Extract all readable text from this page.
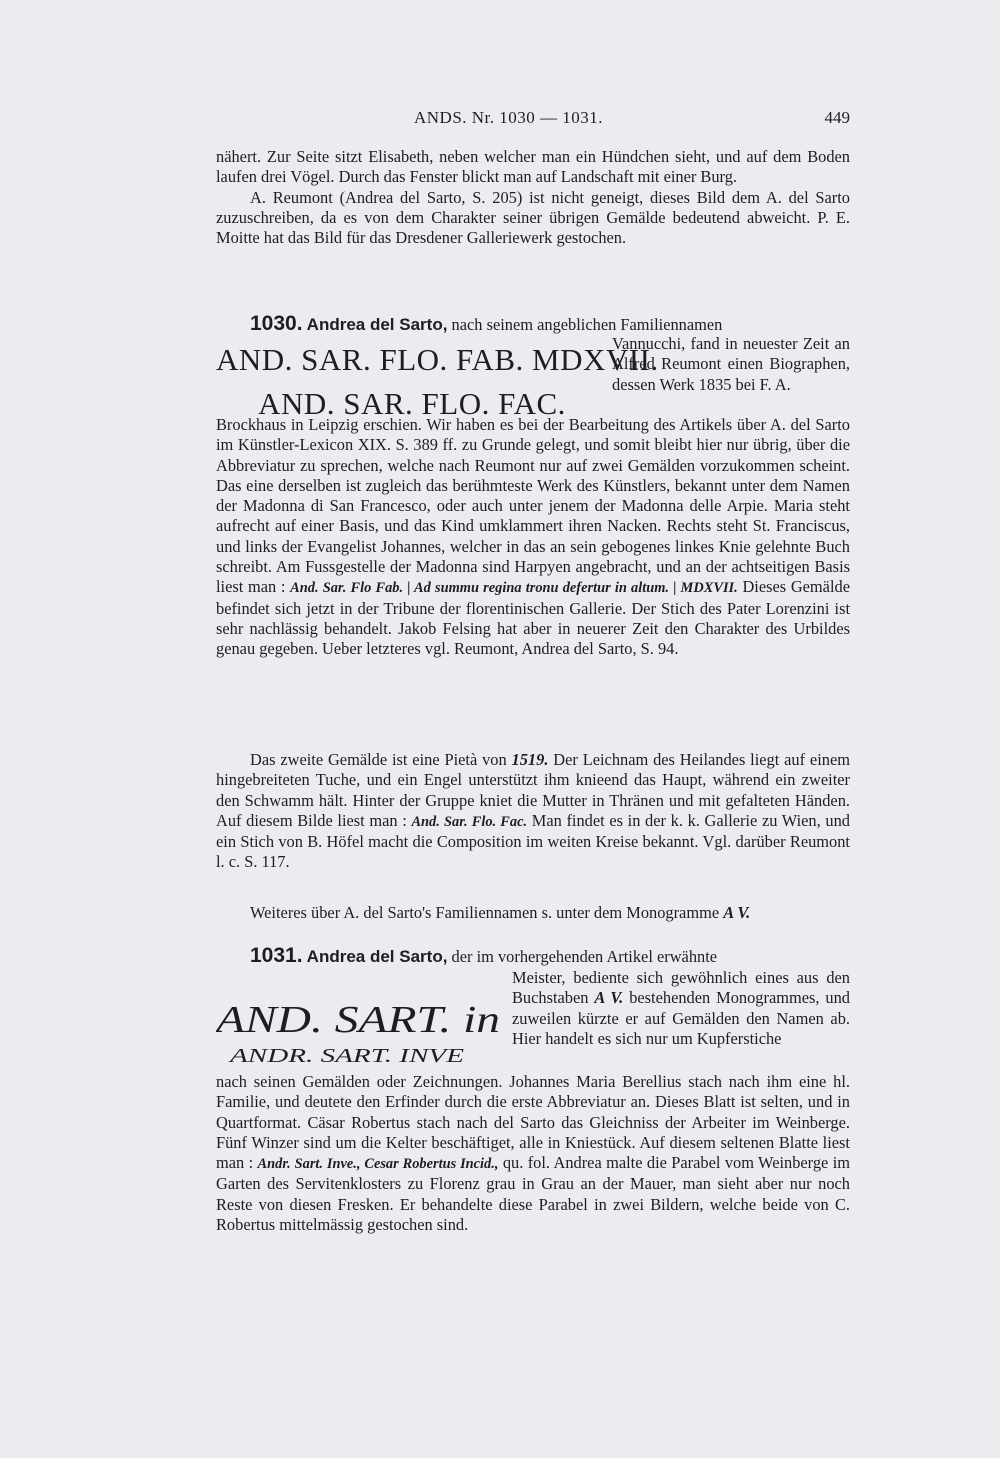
ANDS. Nr. 1030 — 1031.	449

nähert. Zur Seite sitzt Elisabeth, neben welcher man ein Hündchen sieht, und auf dem Boden laufen drei Vögel. Durch das Fenster blickt man auf Landschaft mit einer Burg.

A. Reumont (Andrea del Sarto, S. 205) ist nicht geneigt, dieses Bild dem A. del Sarto zuzuschreiben, da es von dem Charakter seiner übrigen Gemälde bedeutend abweicht. P. E. Moitte hat das Bild für das Dresdener Galleriewerk gestochen.

1030. Andrea del Sarto, nach seinem angeblichen Familiennamen
AND. SAR. FLO. FAB. MDXVII.
AND. SAR. FLO. FAC.
Vannucchi, fand in neuester Zeit an Alfred Reumont einen Biographen, dessen Werk 1835 bei F. A.

Brockhaus in Leipzig erschien. Wir haben es bei der Bearbeitung des Artikels über A. del Sarto im Künstler-Lexicon XIX. S. 389 ff. zu Grunde gelegt, und somit bleibt hier nur übrig, über die Abbreviatur zu sprechen, welche nach Reumont nur auf zwei Gemälden vorzukommen scheint. Das eine derselben ist zugleich das berühmteste Werk des Künstlers, bekannt unter dem Namen der Madonna di San Francesco, oder auch unter jenem der Madonna delle Arpie. Maria steht aufrecht auf einer Basis, und das Kind umklammert ihren Nacken. Rechts steht St. Franciscus, und links der Evangelist Johannes, welcher in das an sein gebogenes linkes Knie gelehnte Buch schreibt. Am Fussgestelle der Madonna sind Harpyen angebracht, und an der achtseitigen Basis liest man : And. Sar. Flo Fab. | Ad summu regina tronu defertur in altum. | MDXVII. Dieses Gemälde befindet sich jetzt in der Tribune der florentinischen Gallerie. Der Stich des Pater Lorenzini ist sehr nachlässig behandelt. Jakob Felsing hat aber in neuerer Zeit den Charakter des Urbildes genau gegeben. Ueber letzteres vgl. Reumont, Andrea del Sarto, S. 94.

Das zweite Gemälde ist eine Pietà von 1519. Der Leichnam des Heilandes liegt auf einem hingebreiteten Tuche, und ein Engel unterstützt ihm knieend das Haupt, während ein zweiter den Schwamm hält. Hinter der Gruppe kniet die Mutter in Thränen und mit gefalteten Händen. Auf diesem Bilde liest man : And. Sar. Flo. Fac. Man findet es in der k. k. Gallerie zu Wien, und ein Stich von B. Höfel macht die Composition im weiten Kreise bekannt. Vgl. darüber Reumont l. c. S. 117.

Weiteres über A. del Sarto's Familiennamen s. unter dem Monogramme A V.

1031. Andrea del Sarto, der im vorhergehenden Artikel erwähnte
AND. SART. in
ANDR. SART. INVE
Meister, bediente sich gewöhnlich eines aus den Buchstaben A V. bestehenden Monogrammes, und zuweilen kürzte er auf Gemälden den Namen ab. Hier handelt es sich nur um Kupferstiche

nach seinen Gemälden oder Zeichnungen. Johannes Maria Berellius stach nach ihm eine hl. Familie, und deutete den Erfinder durch die erste Abbreviatur an. Dieses Blatt ist selten, und in Quartformat. Cäsar Robertus stach nach del Sarto das Gleichniss der Arbeiter im Weinberge. Fünf Winzer sind um die Kelter beschäftiget, alle in Kniestück. Auf diesem seltenen Blatte liest man : Andr. Sart. Inve., Cesar Robertus Incid., qu. fol. Andrea malte die Parabel vom Weinberge im Garten des Servitenklosters zu Florenz grau in Grau an der Mauer, man sieht aber nur noch Reste von diesen Fresken. Er behandelte diese Parabel in zwei Bildern, welche beide von C. Robertus mittelmässig gestochen sind.
